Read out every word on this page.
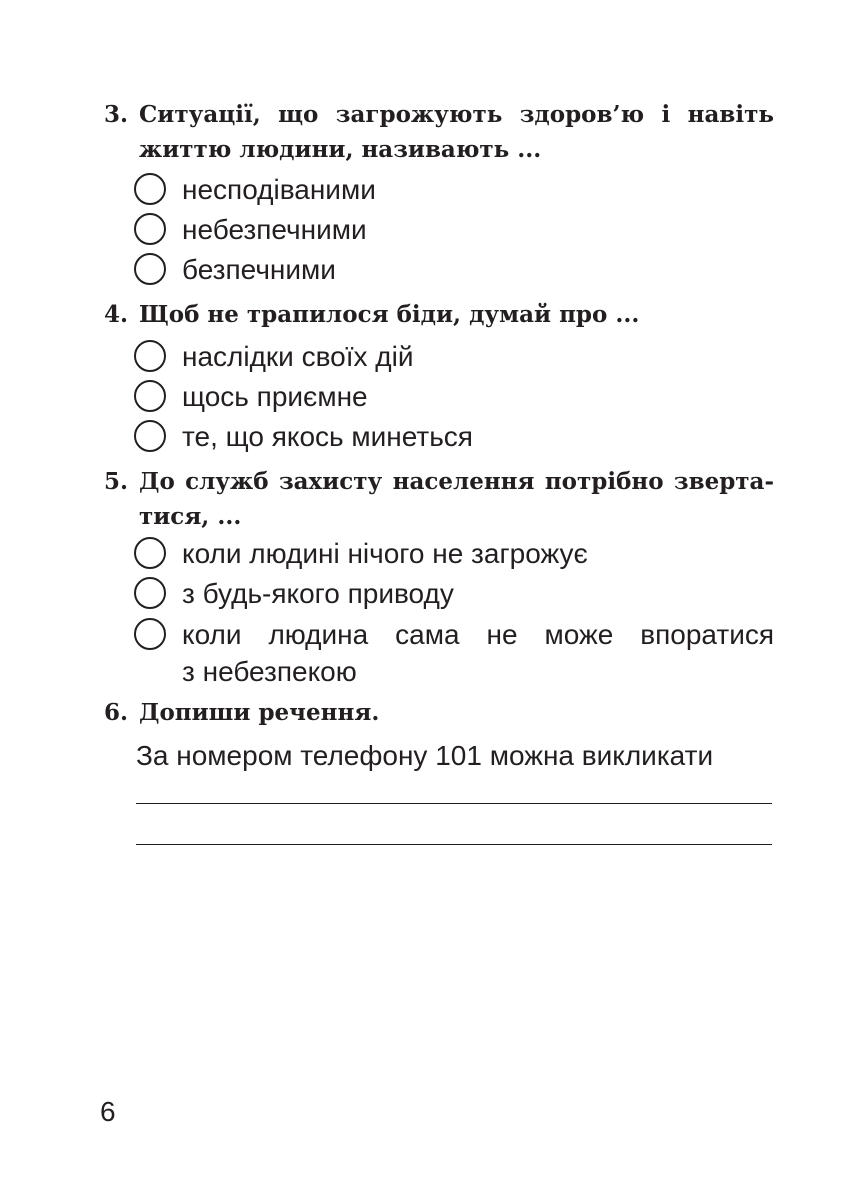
3. Ситуації, що загрожують здоров’ю і навіть
життю людини, називають ...
несподіваними
небезпечними
безпечними
4. Щоб не трапилося біди, думай про ...
наслідки своїх дій
щось приємне
те, що якось минеться
5. До служб захисту населення потрібно зверта-
тися, ...
коли людині нічого не загрожує
з будь-якого приводу
коли людина сама не може впоратися
з небезпекою
6. Допиши речення.
За номером телефону 101 можна викликати
6
